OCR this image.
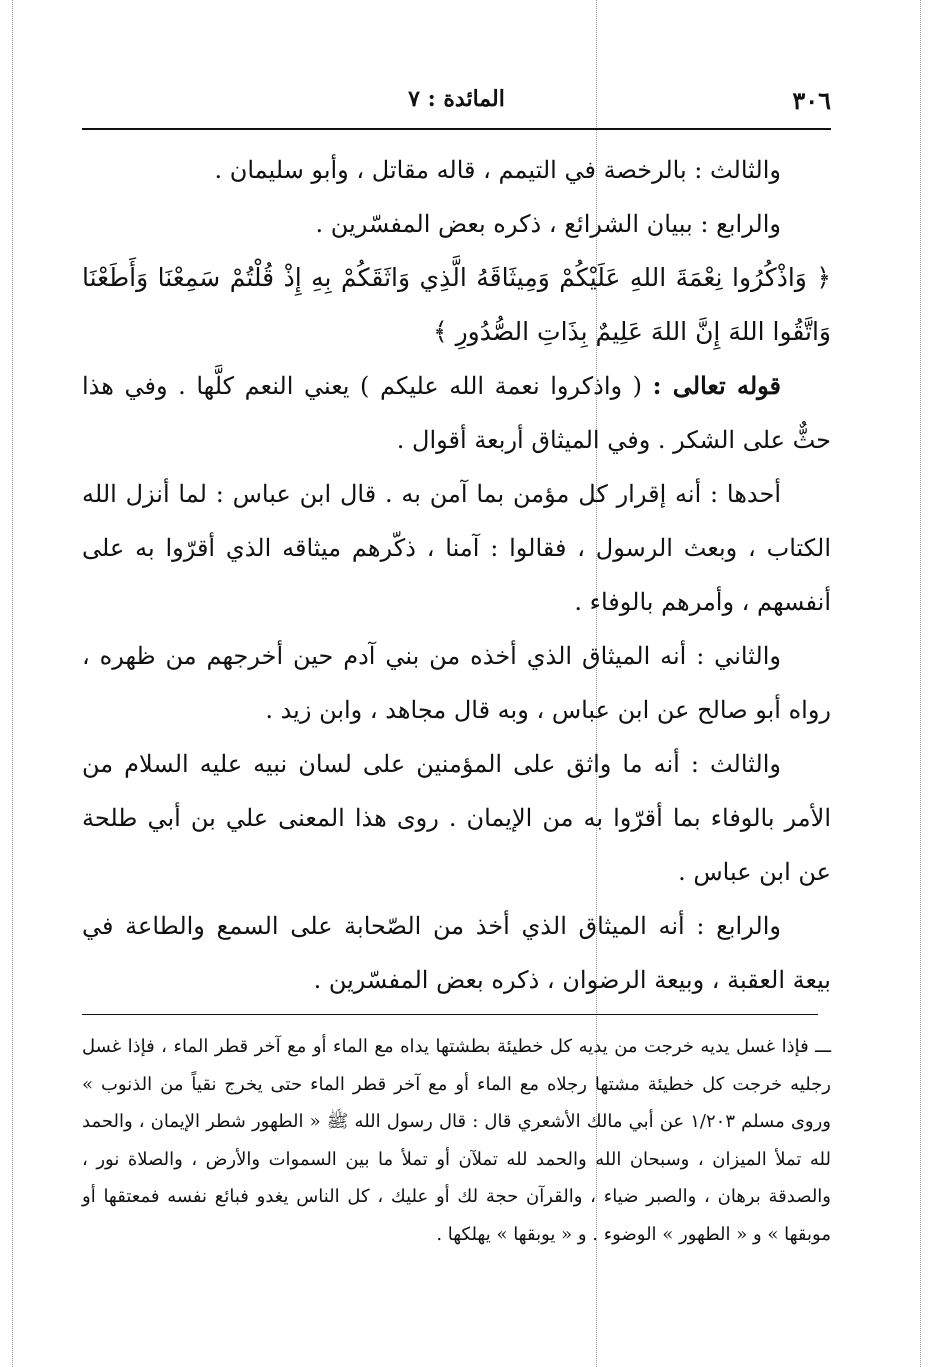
٣٠٦
المائدة : ٧

والثالث : بالرخصة في التيمم ، قاله مقاتل ، وأبو سليمان .

والرابع : ببيان الشرائع ، ذكره بعض المفسّرين .

﴿ وَاذْكُرُوا نِعْمَةَ اللهِ عَلَيْكُمْ وَمِيثَاقَهُ الَّذِي وَاثَقَكُمْ بِهِ إِذْ قُلْتُمْ سَمِعْنَا وَأَطَعْنَا وَاتَّقُوا اللهَ إِنَّ اللهَ عَلِيمٌ بِذَاتِ الصُّدُورِ ﴾

قوله تعالى : ( واذكروا نعمة الله عليكم ) يعني النعم كلَّها . وفي هذا حثٌّ على الشكر . وفي الميثاق أربعة أقوال .

أحدها : أنه إقرار كل مؤمن بما آمن به . قال ابن عباس : لما أنزل الله الكتاب ، وبعث الرسول ، فقالوا : آمنا ، ذكّرهم ميثاقه الذي أقرّوا به على أنفسهم ، وأمرهم بالوفاء .

والثاني : أنه الميثاق الذي أخذه من بني آدم حين أخرجهم من ظهره ، رواه أبو صالح عن ابن عباس ، وبه قال مجاهد ، وابن زيد .

والثالث : أنه ما واثق على المؤمنين على لسان نبيه عليه السلام من الأمر بالوفاء بما أقرّوا به من الإيمان . روى هذا المعنى علي بن أبي طلحة عن ابن عباس .

والرابع : أنه الميثاق الذي أخذ من الصّحابة على السمع والطاعة في بيعة العقبة ، وبيعة الرضوان ، ذكره بعض المفسّرين .

ـــ فإذا غسل يديه خرجت من يديه كل خطيئة بطشتها يداه مع الماء أو مع آخر قطر الماء ، فإذا غسل رجليه خرجت كل خطيئة مشتها رجلاه مع الماء أو مع آخر قطر الماء حتى يخرج نقياً من الذنوب » وروى مسلم ١/٢٠٣ عن أبي مالك الأشعري قال : قال رسول الله ﷺ « الطهور شطر الإيمان ، والحمد لله تملأ الميزان ، وسبحان الله والحمد لله تملآن أو تملأ ما بين السموات والأرض ، والصلاة نور ، والصدقة برهان ، والصبر ضياء ، والقرآن حجة لك أو عليك ، كل الناس يغدو فبائع نفسه فمعتقها أو موبقها » و « الطهور » الوضوء . و « يوبقها » يهلكها .
